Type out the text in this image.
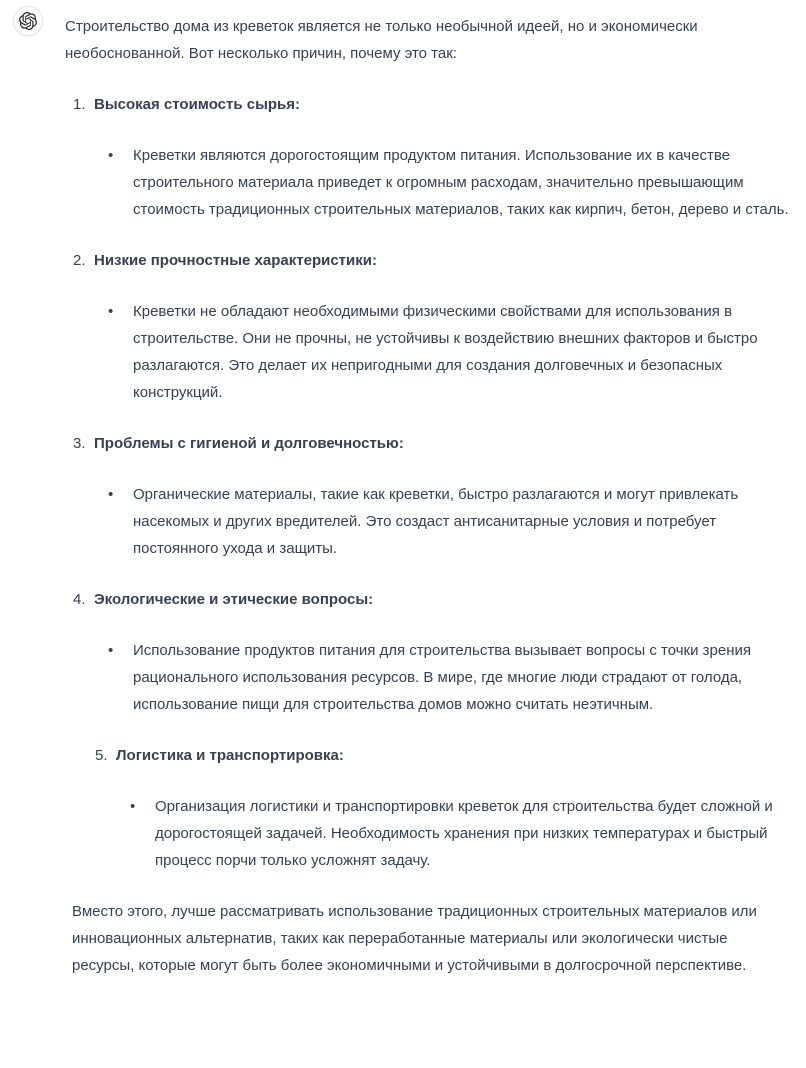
Строительство дома из креветок является не только необычной идеей, но и экономически необоснованной. Вот несколько причин, почему это так:

1. Высокая стоимость сырья:
•	Креветки являются дорогостоящим продуктом питания. Использование их в качестве строительного материала приведет к огромным расходам, значительно превышающим стоимость традиционных строительных материалов, таких как кирпич, бетон, дерево и сталь.
2. Низкие прочностные характеристики:
•	Креветки не обладают необходимыми физическими свойствами для использования в строительстве. Они не прочны, не устойчивы к воздействию внешних факторов и быстро разлагаются. Это делает их непригодными для создания долговечных и безопасных конструкций.
3. Проблемы с гигиеной и долговечностью:
•	Органические материалы, такие как креветки, быстро разлагаются и могут привлекать насекомых и других вредителей. Это создаст антисанитарные условия и потребует постоянного ухода и защиты.
4. Экологические и этические вопросы:
•	Использование продуктов питания для строительства вызывает вопросы с точки зрения рационального использования ресурсов. В мире, где многие люди страдают от голода, использование пищи для строительства домов можно считать неэтичным.
5. Логистика и транспортировка:
•	Организация логистики и транспортировки креветок для строительства будет сложной и дорогостоящей задачей. Необходимость хранения при низких температурах и быстрый процесс порчи только усложнят задачу.

Вместо этого, лучше рассматривать использование традиционных строительных материалов или инновационных альтернатив, таких как переработанные материалы или экологически чистые ресурсы, которые могут быть более экономичными и устойчивыми в долгосрочной перспективе.
